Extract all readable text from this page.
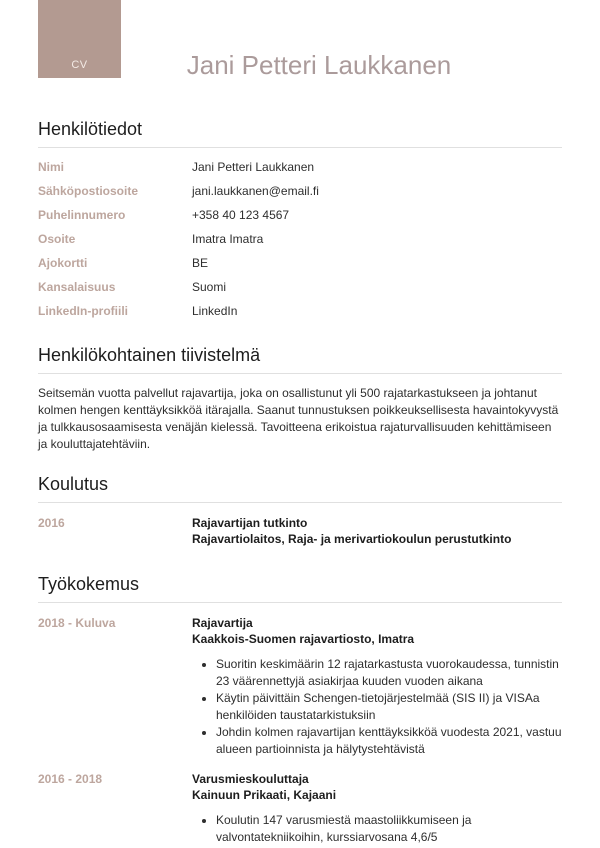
CV	Jani Petteri Laukkanen
Henkilötiedot
Nimi	Jani Petteri Laukkanen
Sähköpostiosoite	jani.laukkanen@email.fi
Puhelinnumero	+358 40 123 4567
Osoite	Imatra Imatra
Ajokortti	BE
Kansalaisuus	Suomi
LinkedIn-profiili	LinkedIn
Henkilökohtainen tiivistelmä

Seitsemän vuotta palvellut rajavartija, joka on osallistunut yli 500 rajatarkastukseen ja johtanut kolmen hengen kenttäyksikköä itärajalla. Saanut tunnustuksen poikkeuksellisesta havaintokyvystä ja tulkkausosaamisesta venäjän kielessä. Tavoitteena erikoistua rajaturvallisuuden kehittämiseen ja kouluttajatehtäviin.

Koulutus
2016	Rajavartijan tutkinto
Rajavartiolaitos, Raja- ja merivartiokoulun perustutkinto
Työkokemus
2018 - Kuluva	Rajavartija
Kaakkois-Suomen rajavartiosto, Imatra
• Suoritin keskimäärin 12 rajatarkastusta vuorokaudessa, tunnistin 23 väärennettyjä asiakirjaa kuuden vuoden aikana
• Käytin päivittäin Schengen-tietojärjestelmää (SIS II) ja VISAa henkilöiden taustatarkistuksiin
• Johdin kolmen rajavartijan kenttäyksikköä vuodesta 2021, vastuu alueen partioinnista ja hälytystehtävistä
2016 - 2018	Varusmieskouluttaja
Kainuun Prikaati, Kajaani
• Koulutin 147 varusmiestä maastoliikkumiseen ja valvontatekniikoihin, kurssiarvosana 4,6/5
